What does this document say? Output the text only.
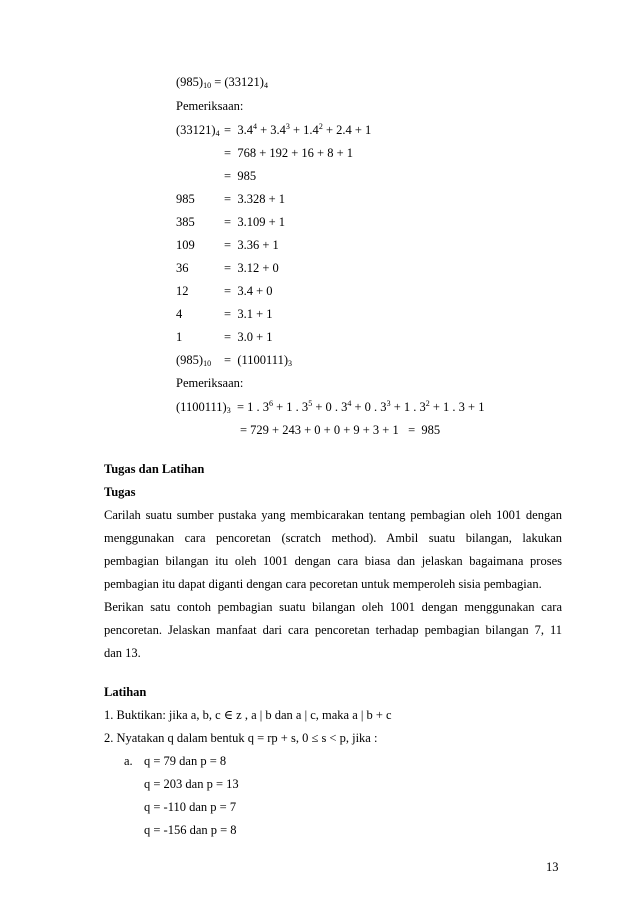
$(985)_{10} = (33121)_4$
Pemeriksaan:
$(33121)_4 = 3.4^4 + 3.4^3 + 1.4^2 + 2.4 + 1$
=  768 + 192 + 16 + 8 + 1
=  985
985 =  3.328 + 1
385 =  3.109 + 1
109 =  3.36 + 1
36	=  3.12 + 0
12	=  3.4 + 0
4	=  3.1 + 1
1	=  3.0 + 1
$(985)_{10} = (1100111)_3$
Pemeriksaan:
$(1100111)_3 = 1$ . $3^6 + 1$ . $3^5 + 0$ . $3^4 + 0$ . $3^3 + 1$ . $3^2 + 1$ . 3 + 1
= 729 + 243 + 0 + 0 + 9 + 3 + 1   =  985
Tugas dan Latihan
Tugas
Carilah suatu sumber pustaka yang membicarakan tentang pembagian oleh 1001 dengan
menggunakan cara pencoretan (scratch method). Ambil suatu bilangan, lakukan
pembagian bilangan itu oleh 1001 dengan cara biasa dan jelaskan bagaimana proses
pembagian itu dapat diganti dengan cara pecoretan untuk memperoleh sisia pembagian.
Berikan satu contoh pembagian suatu bilangan oleh 1001 dengan menggunakan cara
pencoretan. Jelaskan manfaat dari cara pencoretan terhadap pembagian bilangan 7, 11
dan 13.
Latihan
1. Buktikan: jika a, b, c ∈ z , a | b dan a | c, maka a | b + c
2. Nyatakan q dalam bentuk q = rp + s, 0 ≤ s < p, jika :
a. q = 79 dan p = 8
q = 203 dan p = 13
q = -110 dan p = 7
q = -156 dan p = 8
13
